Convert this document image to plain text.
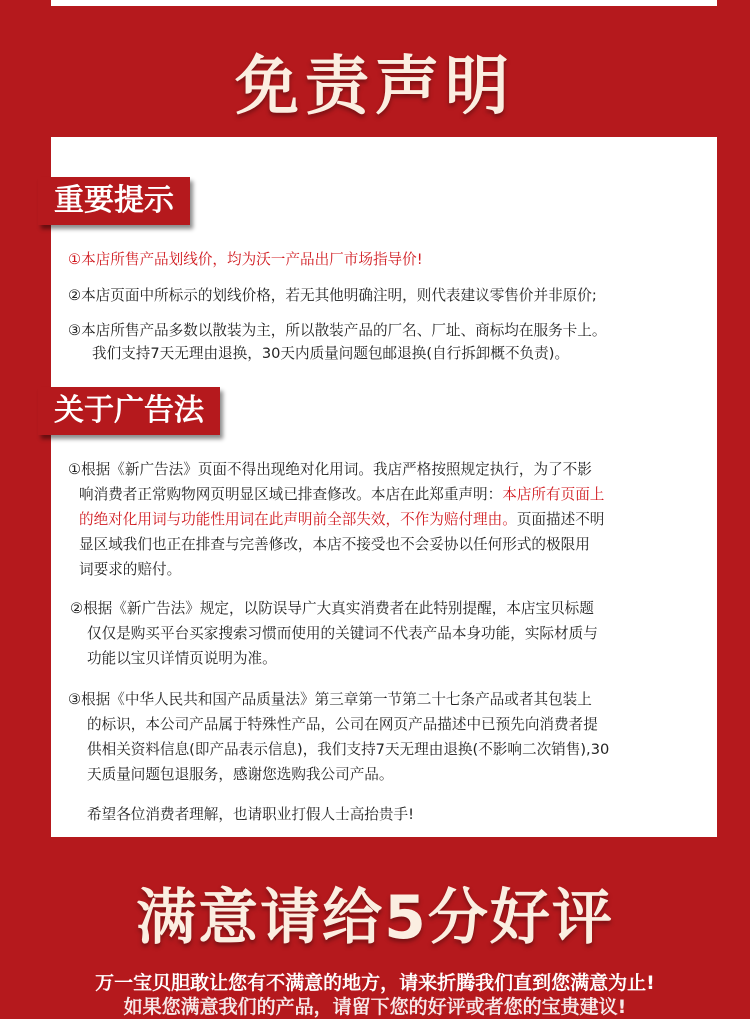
免责声明
重要提示
①本店所售产品划线价，均为沃一产品出厂市场指导价!
②本店页面中所标示的划线价格，若无其他明确注明，则代表建议零售价并非原价;
③本店所售产品多数以散装为主，所以散装产品的厂名、厂址、商标均在服务卡上。
我们支持7天无理由退换，30天内质量问题包邮退换(自行拆卸概不负责)。
关于广告法
①根据《新广告法》页面不得出现绝对化用词。我店严格按照规定执行，为了不影
响消费者正常购物网页明显区域已排查修改。本店在此郑重声明：本店所有页面上
的绝对化用词与功能性用词在此声明前全部失效，不作为赔付理由。页面描述不明
显区域我们也正在排查与完善修改，本店不接受也不会妥协以任何形式的极限用
词要求的赔付。
②根据《新广告法》规定，以防误导广大真实消费者在此特别提醒，本店宝贝标题
仅仅是购买平台买家搜索习惯而使用的关键词不代表产品本身功能，实际材质与
功能以宝贝详情页说明为准。
③根据《中华人民共和国产品质量法》第三章第一节第二十七条产品或者其包装上
的标识，本公司产品属于特殊性产品，公司在网页产品描述中已预先向消费者提
供相关资料信息(即产品表示信息)，我们支持7天无理由退换(不影响二次销售),30
天质量问题包退服务，感谢您选购我公司产品。
希望各位消费者理解，也请职业打假人士高抬贵手!
满意请给5分好评
万一宝贝胆敢让您有不满意的地方，请来折腾我们直到您满意为止!
如果您满意我们的产品，请留下您的好评或者您的宝贵建议!
